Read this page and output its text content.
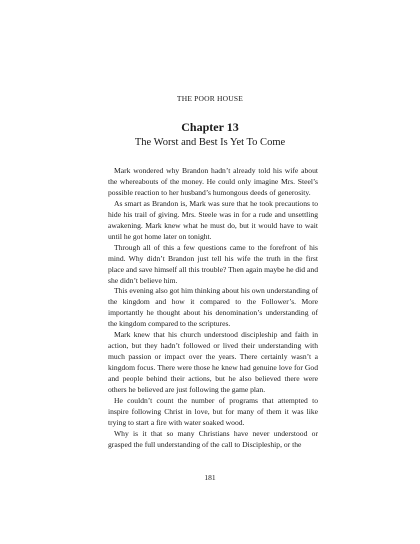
THE POOR HOUSE
Chapter 13
The Worst and Best Is Yet To Come

Mark wondered why Brandon hadn’t already told his wife about the whereabouts of the money. He could only imagine Mrs. Steel’s possible reaction to her husband’s humongous deeds of generosity.

As smart as Brandon is, Mark was sure that he took precautions to hide his trail of giving. Mrs. Steele was in for a rude and unsettling awakening. Mark knew what he must do, but it would have to wait until he got home later on tonight.

Through all of this a few questions came to the forefront of his mind. Why didn’t Brandon just tell his wife the truth in the first place and save himself all this trouble? Then again maybe he did and she didn’t believe him.

This evening also got him thinking about his own understanding of the kingdom and how it compared to the Follower’s. More importantly he thought about his denomination’s understanding of the kingdom compared to the scriptures.

Mark knew that his church understood discipleship and faith in action, but they hadn’t followed or lived their understanding with much passion or impact over the years. There certainly wasn’t a kingdom focus. There were those he knew had genuine love for God and people behind their actions, but he also believed there were others he believed are just following the game plan.

He couldn’t count the number of programs that attempted to inspire following Christ in love, but for many of them it was like trying to start a fire with water soaked wood.

Why is it that so many Christians have never understood or grasped the full understanding of the call to Discipleship, or the

181
